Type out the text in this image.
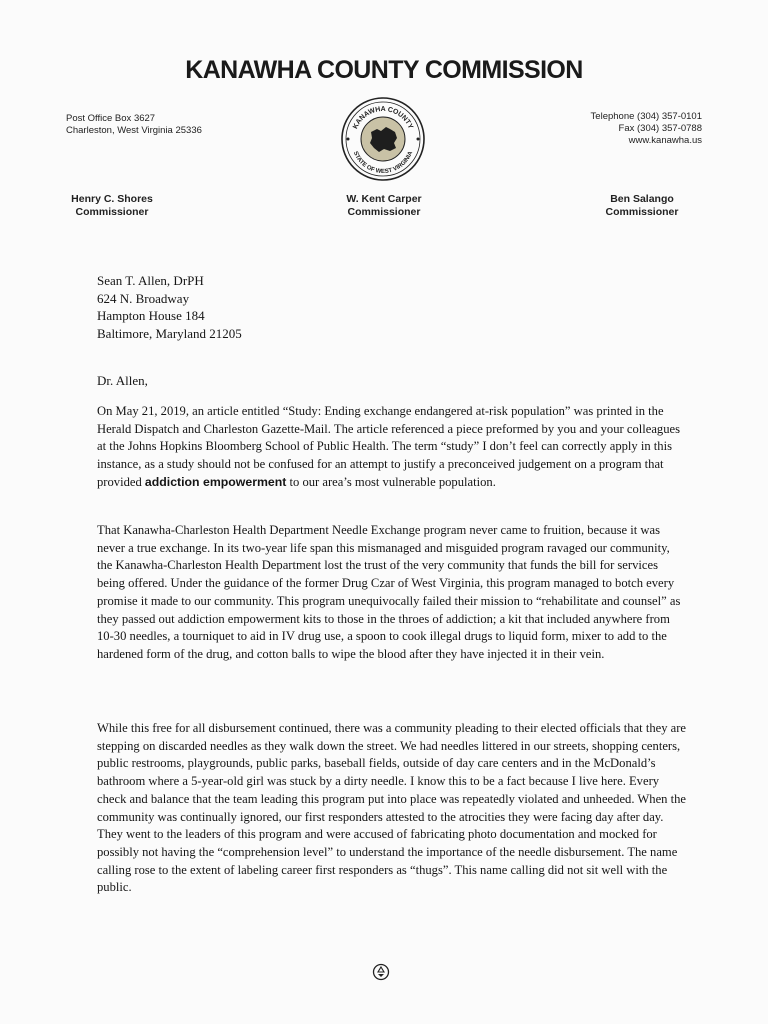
KANAWHA COUNTY COMMISSION
Post Office Box 3627
Charleston, West Virginia 25336	KANAWHA COUNTY
STATE OF WEST VIRGINIA
Telephone (304) 357-0101
Fax (304) 357-0788
www.kanawha.us
Henry C. Shores
Commissioner
W. Kent Carper
Commissioner
Ben Salango
Commissioner
Sean T. Allen, DrPH
624 N. Broadway
Hampton House 184
Baltimore, Maryland 21205
Dr. Allen,

On May 21, 2019, an article entitled “Study: Ending exchange endangered at-risk population” was printed in the Herald Dispatch and Charleston Gazette-Mail. The article referenced a piece preformed by you and your colleagues at the Johns Hopkins Bloomberg School of Public Health. The term “study” I don’t feel can correctly apply in this instance, as a study should not be confused for an attempt to justify a preconceived judgement on a program that provided addiction empowerment to our area’s most vulnerable population.

That Kanawha-Charleston Health Department Needle Exchange program never came to fruition, because it was never a true exchange. In its two-year life span this mismanaged and misguided program ravaged our community, the Kanawha-Charleston Health Department lost the trust of the very community that funds the bill for services being offered. Under the guidance of the former Drug Czar of West Virginia, this program managed to botch every promise it made to our community. This program unequivocally failed their mission to “rehabilitate and counsel” as they passed out addiction empowerment kits to those in the throes of addiction; a kit that included anywhere from 10-30 needles, a tourniquet to aid in IV drug use, a spoon to cook illegal drugs to liquid form, mixer to add to the hardened form of the drug, and cotton balls to wipe the blood after they have injected it in their vein.

While this free for all disbursement continued, there was a community pleading to their elected officials that they are stepping on discarded needles as they walk down the street. We had needles littered in our streets, shopping centers, public restrooms, playgrounds, public parks, baseball fields, outside of day care centers and in the McDonald’s bathroom where a 5-year-old girl was stuck by a dirty needle. I know this to be a fact because I live here. Every check and balance that the team leading this program put into place was repeatedly violated and unheeded. When the community was continually ignored, our first responders attested to the atrocities they were facing day after day. They went to the leaders of this program and were accused of fabricating photo documentation and mocked for possibly not having the “comprehension level” to understand the importance of the needle disbursement. The name calling rose to the extent of labeling career first responders as “thugs”. This name calling did not sit well with the public.
